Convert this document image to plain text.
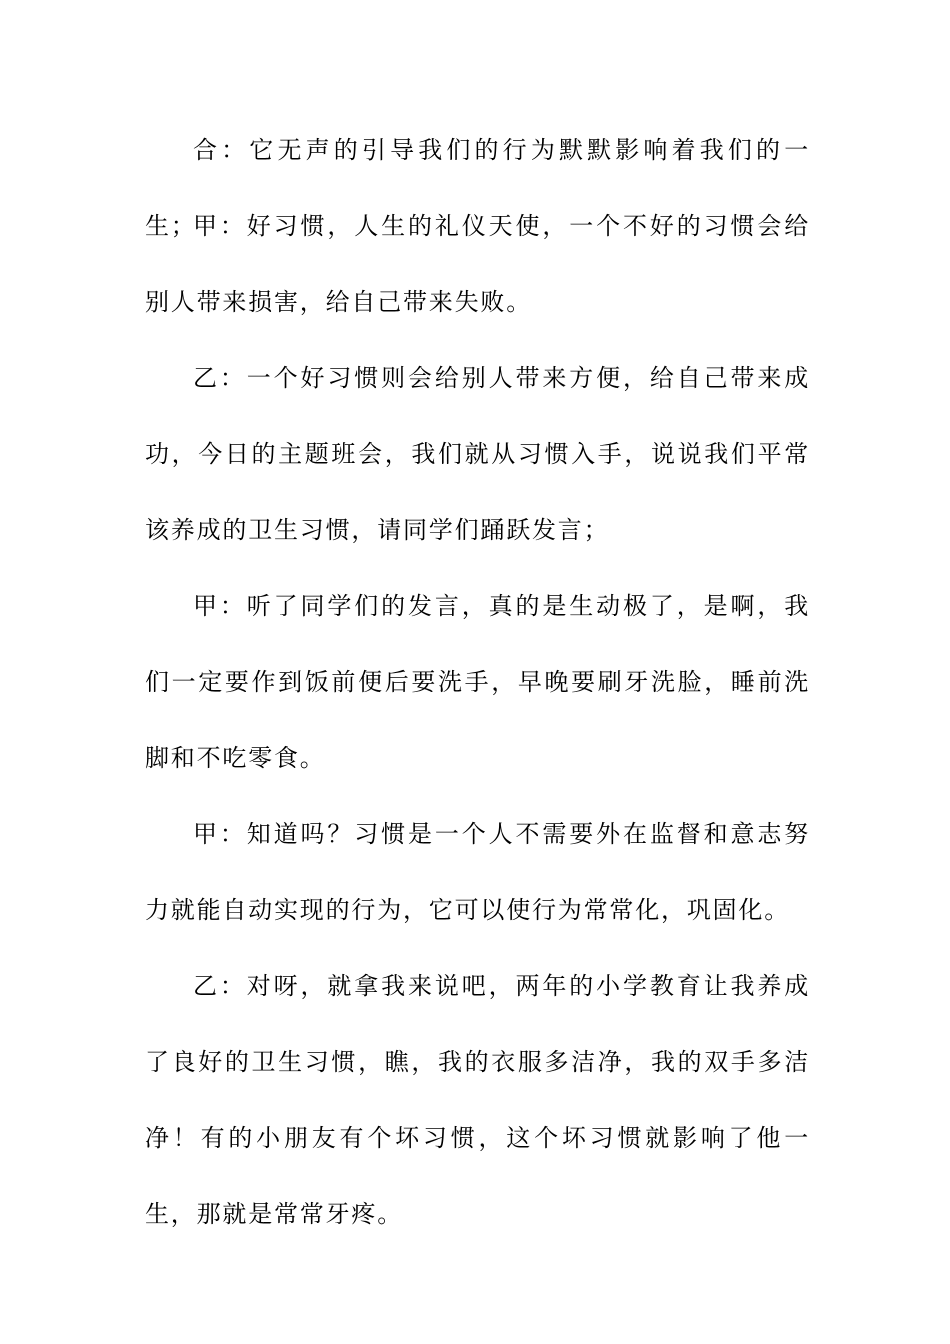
合：它无声的引导我们的行为默默影响着我们的一生；

甲：好习惯，人生的礼仪天使，一个不好的习惯会给别人带来损害，给自己带来失败。

乙：一个好习惯则会给别人带来方便，给自己带来成功，今日的主题班会，我们就从习惯入手，说说我们平常该养成的卫生习惯，请同学们踊跃发言；

甲：听了同学们的发言，真的是生动极了，是啊，我们一定要作到饭前便后要洗手，早晚要刷牙洗脸，睡前洗脚和不吃零食。

甲：知道吗？习惯是一个人不需要外在监督和意志努力就能自动实现的行为，它可以使行为常常化，巩固化。

乙：对呀，就拿我来说吧，两年的小学教育让我养成了良好的卫生习惯，瞧，我的衣服多洁净，我的双手多洁净！有的小朋友有个坏习惯，这个坏习惯就影响了他一生，那就是常常牙疼。
